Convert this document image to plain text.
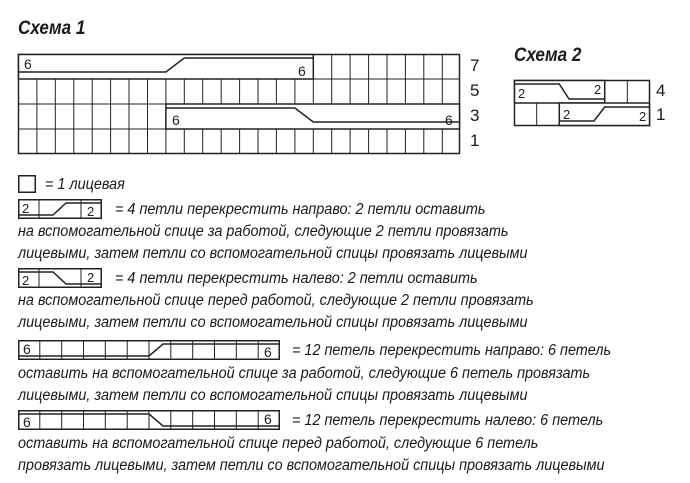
Схема 1
6	6
6	6
7
5
3
1
Схема 2
2	2
2	2
4
1
= 1 лицевая
2	2 = 4 петли перекрестить направо: 2 петли оставить
на вспомогательной спице за работой, следующие 2 петли провязать
лицевыми, затем петли со вспомогательной спицы провязать лицевыми
2	2 = 4 петли перекрестить налево: 2 петли оставить
на вспомогательной спице перед работой, следующие 2 петли провязать
лицевыми, затем петли со вспомогательной спицы провязать лицевыми
6	6 = 12 петель перекрестить направо: 6 петель
оставить на вспомогательной спице за работой, следующие 6 петель провязать
лицевыми, затем петли со вспомогательной спицы провязать лицевыми
6	6 = 12 петель перекрестить налево: 6 петель
оставить на вспомогательной спице перед работой, следующие 6 петель
провязать лицевыми, затем петли со вспомогательной спицы провязать лицевыми
